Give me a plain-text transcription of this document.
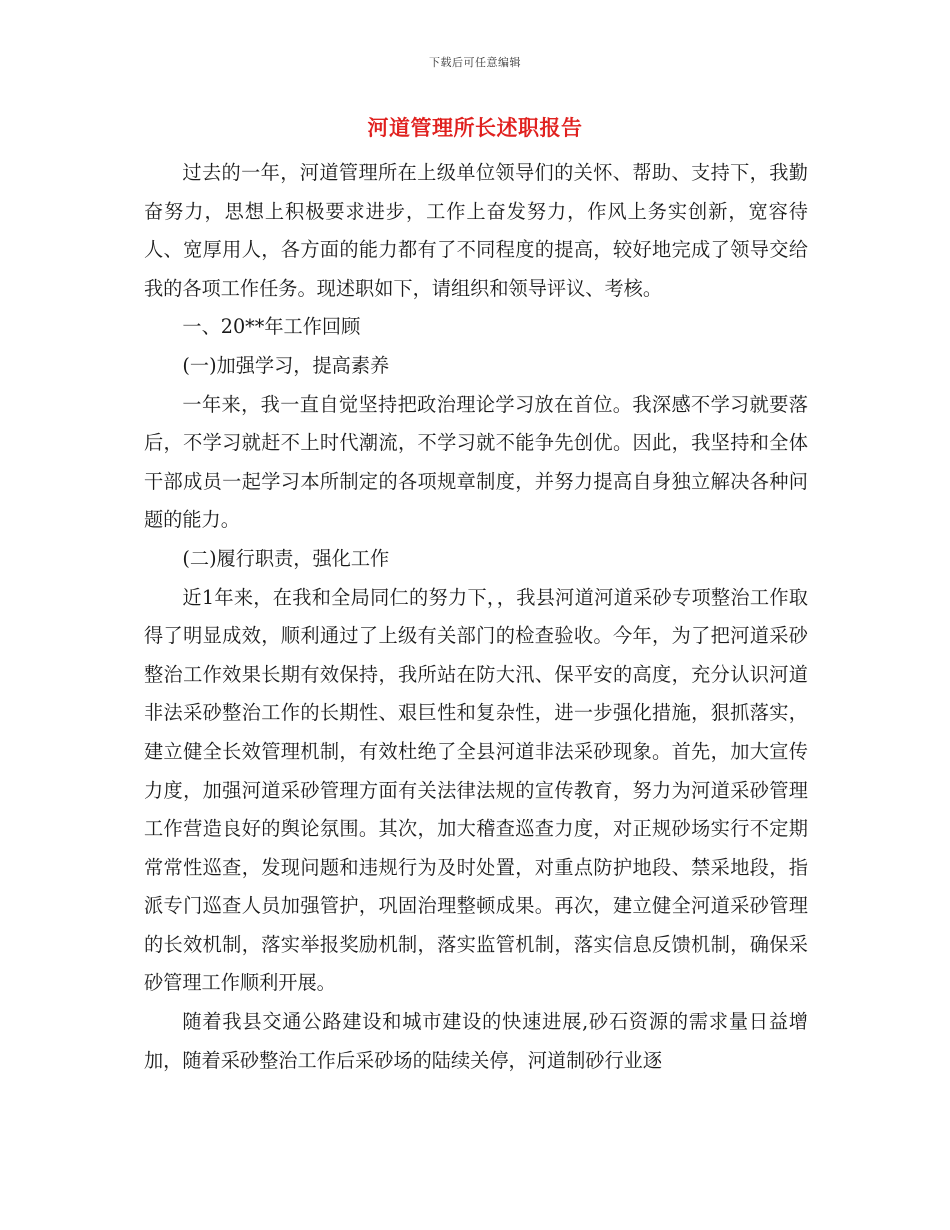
下载后可任意编辑
河道管理所长述职报告

过去的一年，河道管理所在上级单位领导们的关怀、帮助、支持下，我勤奋努力，思想上积极要求进步，工作上奋发努力，作风上务实创新，宽容待人、宽厚用人，各方面的能力都有了不同程度的提高，较好地完成了领导交给我的各项工作任务。现述职如下，请组织和领导评议、考核。

一、20**年工作回顾

(一)加强学习，提高素养

一年来，我一直自觉坚持把政治理论学习放在首位。我深感不学习就要落后，不学习就赶不上时代潮流，不学习就不能争先创优。因此，我坚持和全体干部成员一起学习本所制定的各项规章制度，并努力提高自身独立解决各种问题的能力。

(二)履行职责，强化工作

近1年来，在我和全局同仁的努力下，，我县河道河道采砂专项整治工作取得了明显成效，顺利通过了上级有关部门的检查验收。今年，为了把河道采砂整治工作效果长期有效保持，我所站在防大汛、保平安的高度，充分认识河道非法采砂整治工作的长期性、艰巨性和复杂性，进一步强化措施，狠抓落实，建立健全长效管理机制，有效杜绝了全县河道非法采砂现象。首先，加大宣传力度，加强河道采砂管理方面有关法律法规的宣传教育，努力为河道采砂管理工作营造良好的舆论氛围。其次，加大稽查巡查力度，对正规砂场实行不定期常常性巡查，发现问题和违规行为及时处置，对重点防护地段、禁采地段，指派专门巡查人员加强管护，巩固治理整顿成果。再次，建立健全河道采砂管理的长效机制，落实举报奖励机制，落实监管机制，落实信息反馈机制，确保采砂管理工作顺利开展。

随着我县交通公路建设和城市建设的快速进展,砂石资源的需求量日益增加，随着采砂整治工作后采砂场的陆续关停，河道制砂行业逐
